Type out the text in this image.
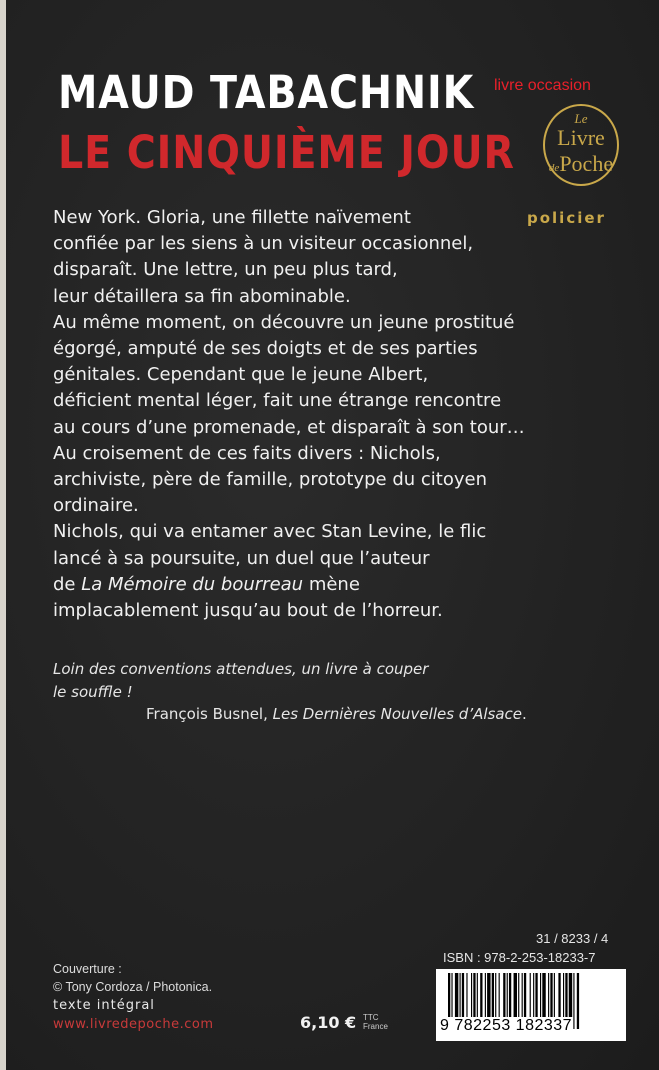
MAUD TABACHNIK
LE CINQUIÈME JOUR
livre occasion
Le
Livre
dePoche
policier
New York. Gloria, une fillette naïvement
confiée par les siens à un visiteur occasionnel,
disparaît. Une lettre, un peu plus tard,
leur détaillera sa fin abominable.
Au même moment, on découvre un jeune prostitué
égorgé, amputé de ses doigts et de ses parties
génitales. Cependant que le jeune Albert,
déficient mental léger, fait une étrange rencontre
au cours d’une promenade, et disparaît à son tour…
Au croisement de ces faits divers : Nichols,
archiviste, père de famille, prototype du citoyen
ordinaire.
Nichols, qui va entamer avec Stan Levine, le flic
lancé à sa poursuite, un duel que l’auteur
de La Mémoire du bourreau mène
implacablement jusqu’au bout de l’horreur.
Loin des conventions attendues, un livre à couper
le souffle !
François Busnel, Les Dernières Nouvelles d’Alsace.
Couverture :
© Tony Cordoza / Photonica.
texte intégral
www.livredepoche.com	6,10 € TTC
France
31 / 8233 / 4
ISBN : 978-2-253-18233-7
9 782253 182337
